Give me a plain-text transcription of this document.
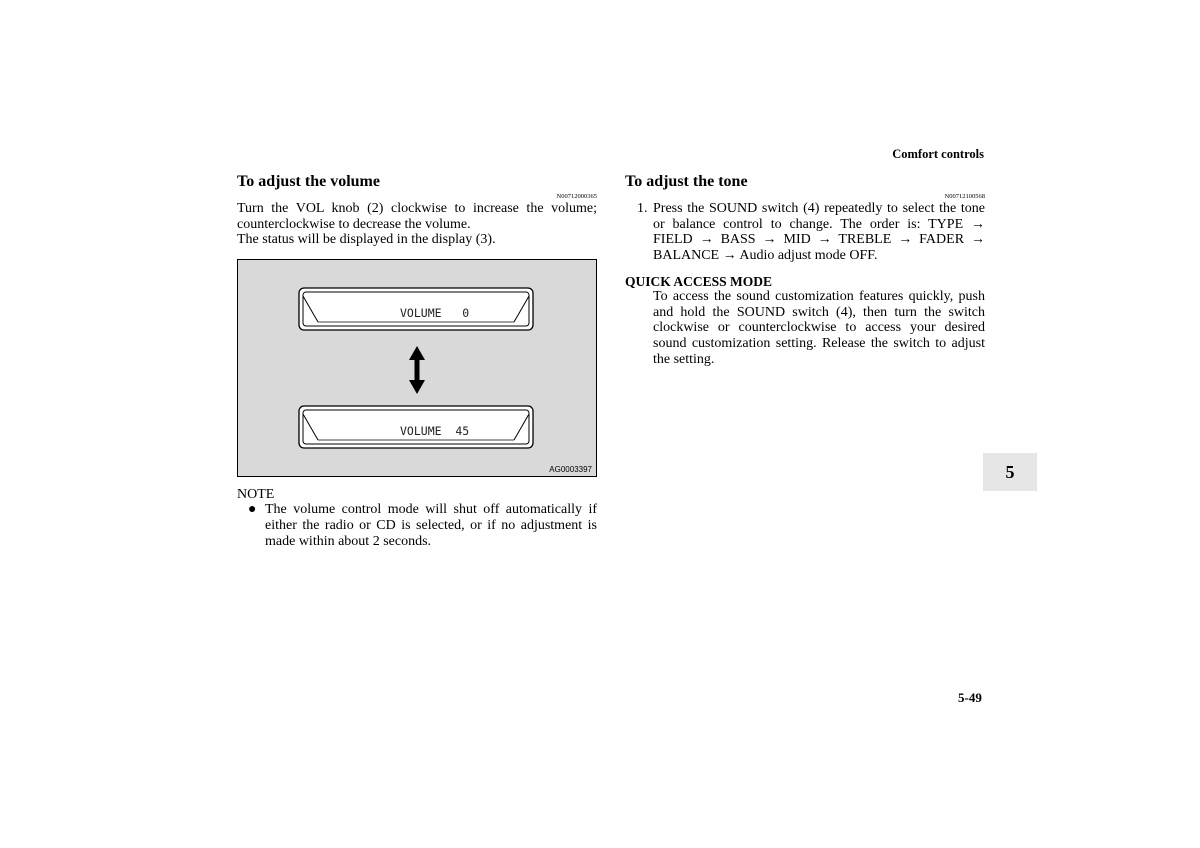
Comfort controls
To adjust the volume
N00712000365

Turn the VOL knob (2) clockwise to increase the volume; counterclockwise to decrease the volume.

The status will be displayed in the display (3).

VOLUME   0
VOLUME  45
AG0003397
NOTE
● The volume control mode will shut off automatically if either the radio or CD is selected, or if no adjustment is made within about 2 seconds.
To adjust the tone
N00712100568
1. Press the SOUND switch (4) repeatedly to select the tone or balance control to change. The order is: TYPE → FIELD → BASS → MID → TREBLE → FADER → BALANCE → Audio adjust mode OFF.
QUICK ACCESS MODE

To access the sound customization features quickly, push and hold the SOUND switch (4), then turn the switch clockwise or counterclockwise to access your desired sound customization setting. Release the switch to adjust the setting.

5
5-49
